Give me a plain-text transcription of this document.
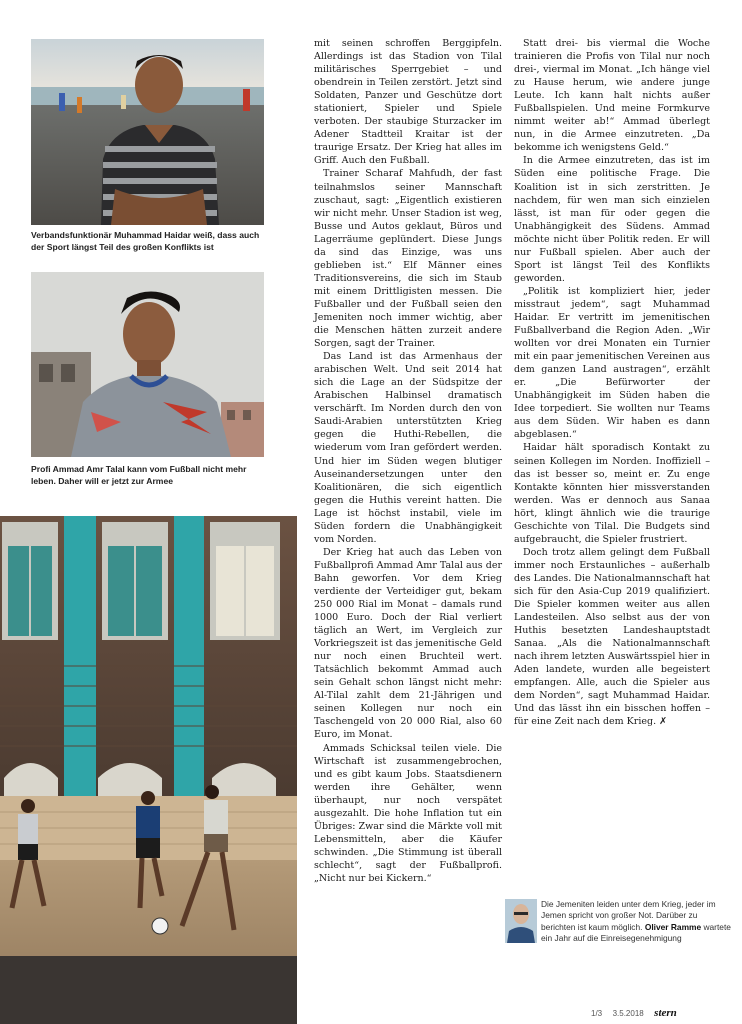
Verbandsfunktionär Muhammad Haidar weiß, dass auch der Sport längst Teil des großen Konflikts ist
Profi Ammad Amr Talal kann vom Fußball nicht mehr leben. Daher will er jetzt zur Armee

mit seinen schroffen Berggipfeln. Allerdings ist das Stadion von Tilal militärisches Sperrgebiet – und obendrein in Teilen zerstört. Jetzt sind Soldaten, Panzer und Geschütze dort stationiert, Spieler und Spiele verboten. Der staubige Sturzacker im Adener Stadtteil Kraitar ist der traurige Ersatz. Der Krieg hat alles im Griff. Auch den Fußball.

Trainer Scharaf Mahfudh, der fast teilnahmslos seiner Mannschaft zuschaut, sagt: „Eigentlich existieren wir nicht mehr. Unser Stadion ist weg, Busse und Autos geklaut, Büros und Lagerräume geplündert. Diese Jungs da sind das Einzige, was uns geblieben ist.“ Elf Männer eines Traditionsvereins, die sich im Staub mit einem Drittligisten messen. Die Fußballer und der Fußball seien den Jemeniten noch immer wichtig, aber die Menschen hätten zurzeit andere Sorgen, sagt der Trainer.

Das Land ist das Armenhaus der arabischen Welt. Und seit 2014 hat sich die Lage an der Südspitze der Arabischen Halbinsel dramatisch verschärft. Im Norden durch den von Saudi-Arabien unterstützten Krieg gegen die Huthi-Rebellen, die wiederum vom Iran gefördert werden. Und hier im Süden wegen blutiger Auseinandersetzungen unter den Koalitionären, die sich eigentlich gegen die Huthis vereint hatten. Die Lage ist höchst instabil, viele im Süden fordern die Unabhängigkeit vom Norden.

Der Krieg hat auch das Leben von Fußballprofi Ammad Amr Talal aus der Bahn geworfen. Vor dem Krieg verdiente der Verteidiger gut, bekam 250 000 Rial im Monat – damals rund 1000 Euro. Doch der Rial verliert täglich an Wert, im Vergleich zur Vorkriegszeit ist das jemenitische Geld nur noch einen Bruchteil wert. Tatsächlich bekommt Ammad auch sein Gehalt schon längst nicht mehr: Al-Tilal zahlt dem 21-Jährigen und seinen Kollegen nur noch ein Taschengeld von 20 000 Rial, also 60 Euro, im Monat.

Ammads Schicksal teilen viele. Die Wirtschaft ist zusammengebrochen, und es gibt kaum Jobs. Staatsdienern werden ihre Gehälter, wenn überhaupt, nur noch verspätet ausgezahlt. Die hohe Inflation tut ein Übriges: Zwar sind die Märkte voll mit Lebensmitteln, aber die Käufer schwinden. „Die Stimmung ist überall schlecht“, sagt der Fußballprofi. „Nicht nur bei Kickern.“

Statt drei- bis viermal die Woche trainieren die Profis von Tilal nur noch drei-, viermal im Monat. „Ich hänge viel zu Hause herum, wie andere junge Leute. Ich kann halt nichts außer Fußballspielen. Und meine Formkurve nimmt weiter ab!“ Ammad überlegt nun, in die Armee einzutreten. „Da bekomme ich wenigstens Geld.“

In die Armee einzutreten, das ist im Süden eine politische Frage. Die Koalition ist in sich zerstritten. Je nachdem, für wen man sich einzielen lässt, ist man für oder gegen die Unabhängigkeit des Südens. Ammad möchte nicht über Politik reden. Er will nur Fußball spielen. Aber auch der Sport ist längst Teil des Konflikts geworden.

„Politik ist kompliziert hier, jeder misstraut jedem“, sagt Muhammad Haidar. Er vertritt im jemenitischen Fußballverband die Region Aden. „Wir wollten vor drei Monaten ein Turnier mit ein paar jemenitischen Vereinen aus dem ganzen Land austragen“, erzählt er. „Die Befürworter der Unabhängigkeit im Süden haben die Idee torpediert. Sie wollten nur Teams aus dem Süden. Wir haben es dann abgeblasen.“

Haidar hält sporadisch Kontakt zu seinen Kollegen im Norden. Inoffiziell – das ist besser so, meint er. Zu enge Kontakte könnten hier missverstanden werden. Was er dennoch aus Sanaa hört, klingt ähnlich wie die traurige Geschichte von Tilal. Die Budgets sind aufgebraucht, die Spieler frustriert.

Doch trotz allem gelingt dem Fußball immer noch Erstaunliches – außerhalb des Landes. Die Nationalmannschaft hat sich für den Asia-Cup 2019 qualifiziert. Die Spieler kommen weiter aus allen Landesteilen. Also selbst aus der von Huthis besetzten Landeshauptstadt Sanaa. „Als die Nationalmannschaft nach ihrem letzten Auswärtsspiel hier in Aden landete, wurden alle begeistert empfangen. Alle, auch die Spieler aus dem Norden“, sagt Muhammad Haidar. Und das lässt ihn ein bisschen hoffen – für eine Zeit nach dem Krieg. ✗

Die Jemeniten leiden unter dem Krieg, jeder im Jemen spricht von großer Not. Darüber zu berichten ist kaum möglich. Oliver Ramme wartete ein Jahr auf die Einreisegenehmigung
1/3 3.5.2018 stern
